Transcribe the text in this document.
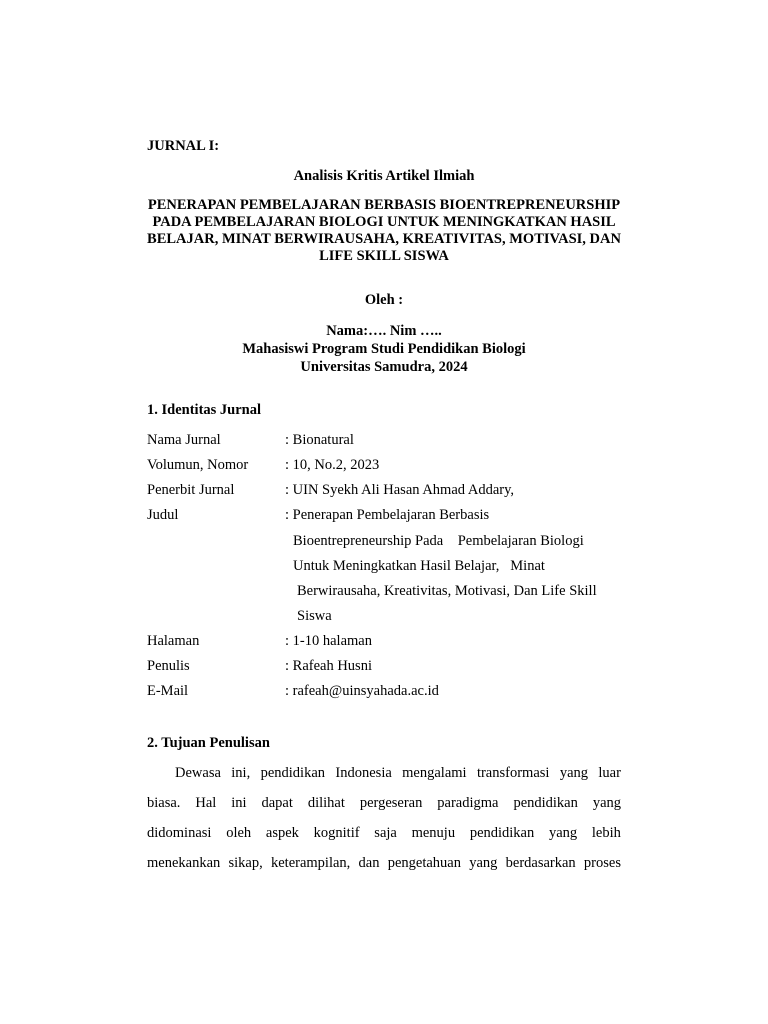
JURNAL I:
Analisis Kritis Artikel Ilmiah
PENERAPAN PEMBELAJARAN BERBASIS BIOENTREPRENEURSHIP
PADA PEMBELAJARAN BIOLOGI UNTUK MENINGKATKAN HASIL
BELAJAR, MINAT BERWIRAUSAHA, KREATIVITAS, MOTIVASI, DAN
LIFE SKILL SISWA
Oleh :
Nama:…. Nim …..
Mahasiswi Program Studi Pendidikan Biologi
Universitas Samudra, 2024
1. Identitas Jurnal
Nama Jurnal	: Bionatural
Volumun, Nomor	: 10, No.2, 2023
Penerbit Jurnal	: UIN Syekh Ali Hasan Ahmad Addary,
Judul	: Penerapan Pembelajaran Berbasis
Bioentrepreneurship Pada    Pembelajaran Biologi
Untuk Meningkatkan Hasil Belajar,   Minat
Berwirausaha, Kreativitas, Motivasi, Dan Life Skill
Siswa
Halaman	: 1-10 halaman
Penulis	: Rafeah Husni
E-Mail	: rafeah@uinsyahada.ac.id
2. Tujuan Penulisan
Dewasa ini, pendidikan Indonesia mengalami transformasi yang luar
biasa. Hal ini dapat dilihat pergeseran paradigma pendidikan yang
didominasi oleh aspek kognitif saja menuju pendidikan yang lebih
menekankan sikap, keterampilan, dan pengetahuan yang berdasarkan proses
